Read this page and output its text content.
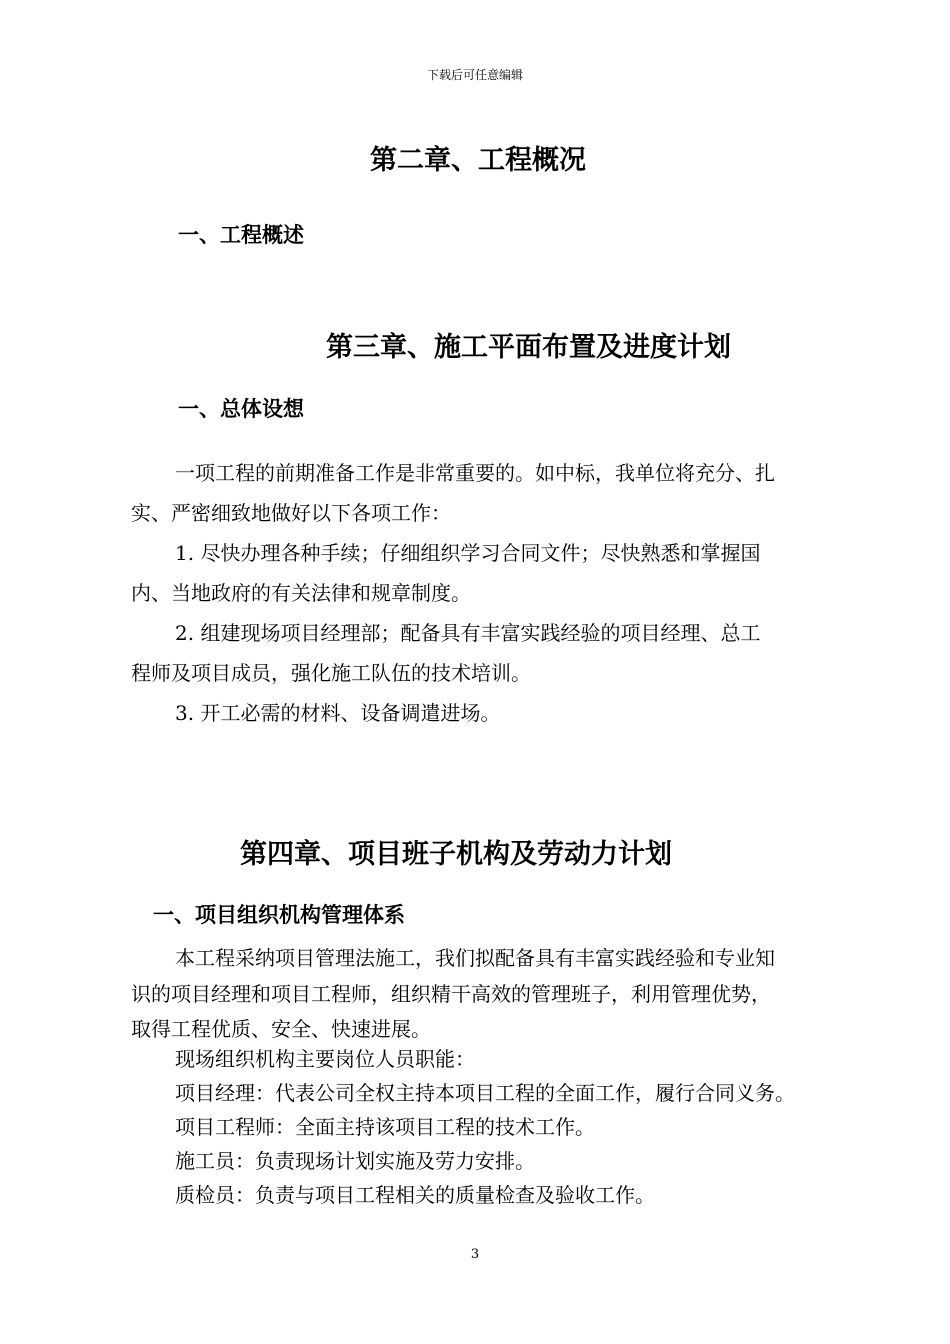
下载后可任意编辑
第二章、工程概况
一、工程概述
第三章、施工平面布置及进度计划
一、总体设想
一项工程的前期准备工作是非常重要的。如中标，我单位将充分、扎
实、严密细致地做好以下各项工作：
1. 尽快办理各种手续；仔细组织学习合同文件；尽快熟悉和掌握国
内、当地政府的有关法律和规章制度。
2. 组建现场项目经理部；配备具有丰富实践经验的项目经理、总工
程师及项目成员，强化施工队伍的技术培训。
3. 开工必需的材料、设备调遣进场。
第四章、项目班子机构及劳动力计划
一、项目组织机构管理体系
本工程采纳项目管理法施工，我们拟配备具有丰富实践经验和专业知
识的项目经理和项目工程师，组织精干高效的管理班子，利用管理优势，
取得工程优质、安全、快速进展。
现场组织机构主要岗位人员职能：
项目经理：代表公司全权主持本项目工程的全面工作，履行合同义务。
项目工程师：全面主持该项目工程的技术工作。
施工员：负责现场计划实施及劳力安排。
质检员：负责与项目工程相关的质量检查及验收工作。
3
